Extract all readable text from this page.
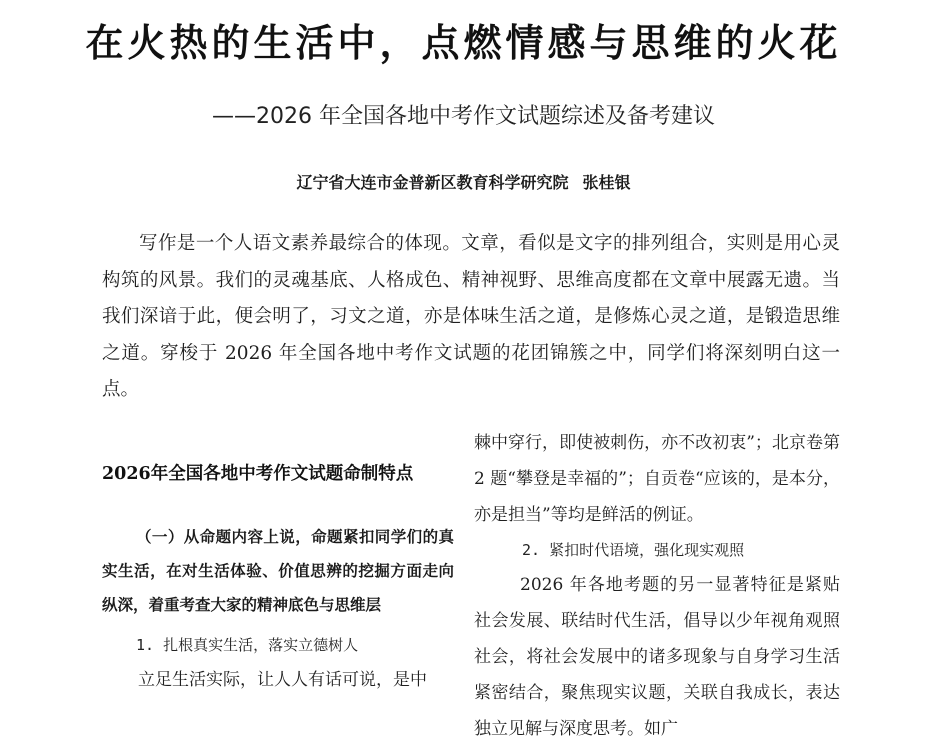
在火热的生活中，点燃情感与思维的火花
——2026 年全国各地中考作文试题综述及备考建议
辽宁省大连市金普新区教育科学研究院 张桂银

写作是一个人语文素养最综合的体现。文章，看似是文字的排列组合，实则是用心灵构筑的风景。我们的灵魂基底、人格成色、精神视野、思维高度都在文章中展露无遗。当我们深谙于此，便会明了，习文之道，亦是体味生活之道，是修炼心灵之道，是锻造思维之道。穿梭于 2026 年全国各地中考作文试题的花团锦簇之中，同学们将深刻明白这一点。

2026年全国各地中考作文试题命制特点
（一）从命题内容上说，命题紧扣同学们的真实生活，在对生活体验、价值思辨的挖掘方面走向纵深，着重考查大家的精神底色与思维层
1. 扎根真实生活，落实立德树人

立足生活实际，让人人有话可说，是中

棘中穿行，即使被刺伤，亦不改初衷”；北京卷第 2 题“攀登是幸福的”；自贡卷“应该的，是本分，亦是担当”等均是鲜活的例证。

2. 紧扣时代语境，强化现实观照

2026 年各地考题的另一显著特征是紧贴社会发展、联结时代生活，倡导以少年视角观照社会，将社会发展中的诸多现象与自身学习生活紧密结合，聚焦现实议题，关联自我成长，表达独立见解与深度思考。如广
